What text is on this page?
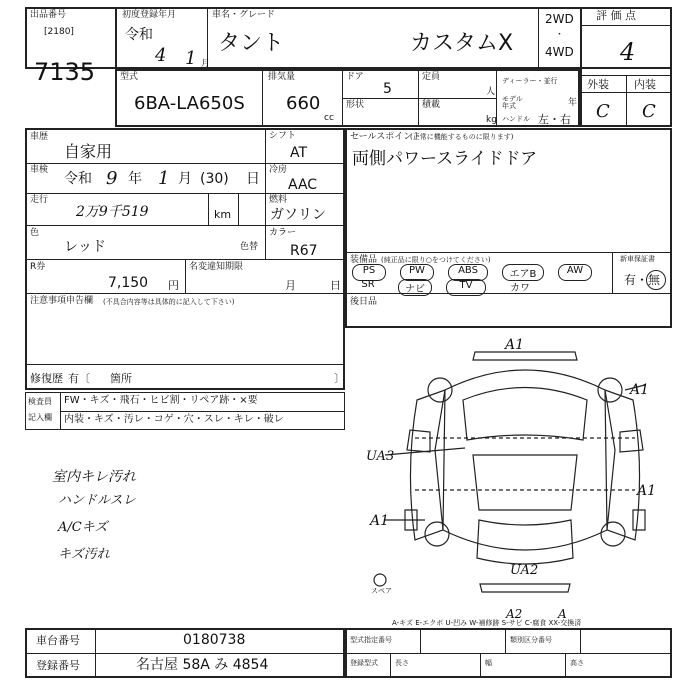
出品番号
[2180]
7135
初度登録年月
令和
4 1 月
車名・グレード
タント	カスタムX
2WD
・
4WD
評 価 点
4
外装 内装
C C
型式
6BA-LA650S
排気量
660
cc
ドア
5
定員
人
形状	積載
kg
ディーラー・並行
モデル年式	年
ハンドル 左・右
車歴
自家用
シフト
AT
車検
令和 9 年 1 月 (30) 日
冷房
AAC
走行
2万9千519	km
燃料
ガソリン
色
レッド	色替
カラー
R67
R券
7,150 円
名変違知期限
月	日
注意事項申告欄 (不具合内容等は具体的に記入して下さい)
修復歴 有〔 箇所	〕
セールスポイント
(正常に機能するものに限ります)
両側パワースライドドア
装備品 (純正品に限り○をつけてください)
PS	PW	ABS	エアB	AW
SR	ナビ	TV	カワ
新車保証書
有・無
後日品
検査員
記入欄
FW・キズ・飛石・ヒビ割・リペア跡・×要
内装・キズ・汚レ・コゲ・穴・スレ・キレ・破レ
室内キレ汚れ
ハンドルスレ
A/Cキズ
キズ汚れ
A1
A1
A1
A1
UA3
UA2
A2	A
スペア
A-キズ E-エクボ U-凹み W-補修跡 S-サビ C-腐食 XX-交換済
車台番号	0180738
登録番号	名古屋 58A み 4854
型式指定番号	類別区分番号
登録型式 長さ	幅	高さ
